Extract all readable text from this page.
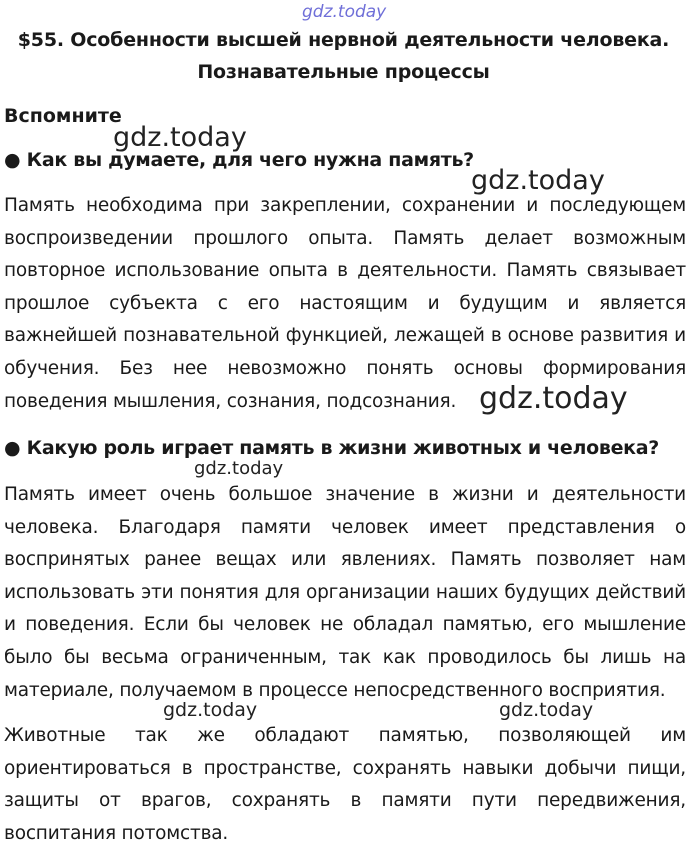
gdz.today
$55. Особенности высшей нервной деятельности человека.
Познавательные процессы
Вспомните
● Как вы думаете, для чего нужна память?
Память необходима при закреплении, сохранении и последующем воспроизведении прошлого опыта. Память делает возможным повторное использование опыта в деятельности. Память связывает прошлое субъекта с его настоящим и будущим и является важнейшей познавательной функцией, лежащей в основе развития и обучения. Без нее невозможно понять основы формирования поведения мышления, сознания, подсознания.
● Какую роль играет память в жизни животных и человека?
Память имеет очень большое значение в жизни и деятельности человека. Благодаря памяти человек имеет представления о воспринятых ранее вещах или явлениях. Память позволяет нам использовать эти понятия для организации наших будущих действий и поведения. Если бы человек не обладал памятью, его мышление было бы весьма ограниченным, так как проводилось бы лишь на материале, получаемом в процессе непосредственного восприятия.
Животные так же обладают памятью, позволяющей им ориентироваться в пространстве, сохранять навыки добычи пищи, защиты от врагов, сохранять в памяти пути передвижения, воспитания потомства.
gdz.today
gdz.today
gdz.today
gdz.today
gdz.today	gdz.today
